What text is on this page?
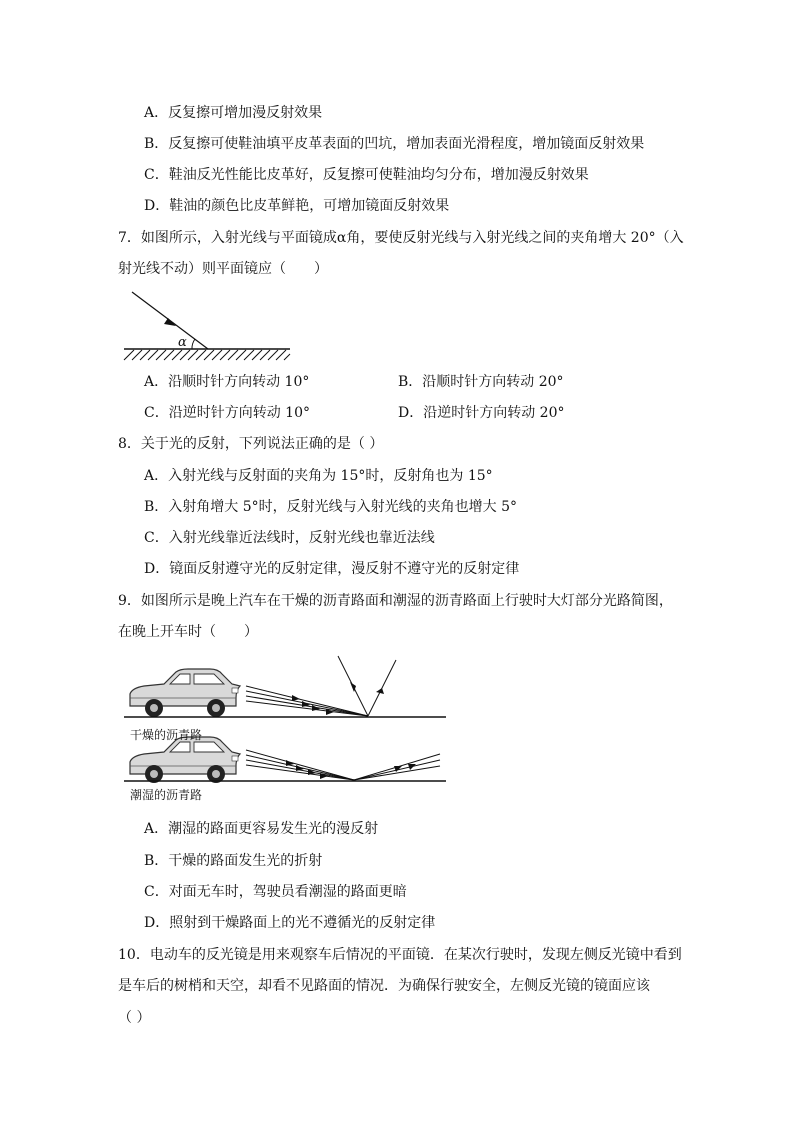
A．反复擦可增加漫反射效果
B．反复擦可使鞋油填平皮革表面的凹坑，增加表面光滑程度，增加镜面反射效果
C．鞋油反光性能比皮革好，反复擦可使鞋油均匀分布，增加漫反射效果
D．鞋油的颜色比皮革鲜艳，可增加镜面反射效果
7．如图所示，入射光线与平面镜成α角，要使反射光线与入射光线之间的夹角增大 20°（入
射光线不动）则平面镜应（　　）
α
A．沿顺时针方向转动 10°	B．沿顺时针方向转动 20°
C．沿逆时针方向转动 10°	D．沿逆时针方向转动 20°
8．关于光的反射，下列说法正确的是（ ）
A．入射光线与反射面的夹角为 15°时，反射角也为 15°
B．入射角增大 5°时，反射光线与入射光线的夹角也增大 5°
C．入射光线靠近法线时，反射光线也靠近法线
D．镜面反射遵守光的反射定律，漫反射不遵守光的反射定律
9．如图所示是晚上汽车在干燥的沥青路面和潮湿的沥青路面上行驶时大灯部分光路简图，
在晚上开车时（　　）
干燥的沥青路
潮湿的沥青路
A．潮湿的路面更容易发生光的漫反射
B．干燥的路面发生光的折射
C．对面无车时，驾驶员看潮湿的路面更暗
D．照射到干燥路面上的光不遵循光的反射定律
10．电动车的反光镜是用来观察车后情况的平面镜．在某次行驶时，发现左侧反光镜中看到
是车后的树梢和天空，却看不见路面的情况．为确保行驶安全，左侧反光镜的镜面应该
（ ）
